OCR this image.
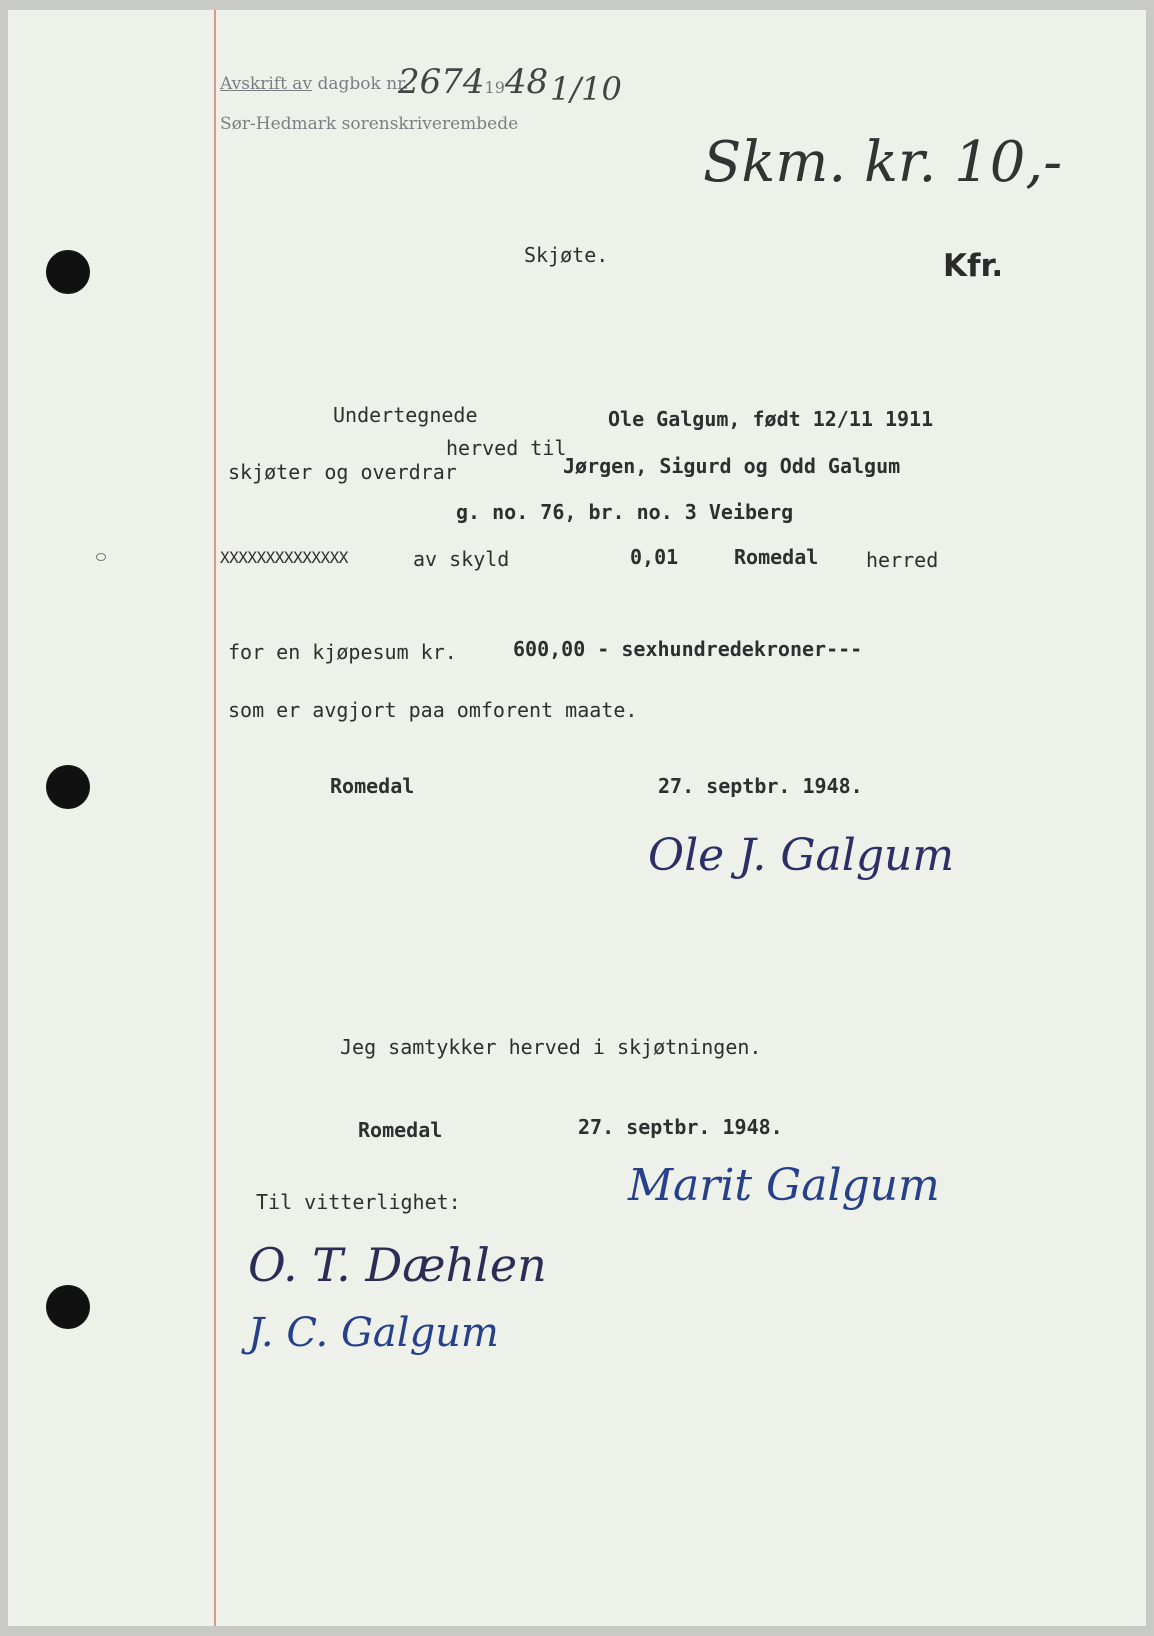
Avskrift av dagbok nr.
26741948 1/10
Sør-Hedmark sorenskriverembede
Skm. kr. 10,-
Kfr.
Skjøte.
Undertegnede	Ole Galgum, født 12/11 1911
herved til
skjøter og overdrar	Jørgen, Sigurd og Odd Galgum
g. no. 76, br. no. 3 Veiberg
XXXXXXXXXXXXXX	av skyld	0,01	Romedal herred
for en kjøpesum kr.	600,00 - sexhundredekroner---
som er avgjort paa omforent maate.
Romedal	27. septbr. 1948.
Ole J. Galgum
Jeg samtykker herved i skjøtningen.
Romedal	27. septbr. 1948.
Til vitterlighet:	Marit Galgum
O. T. Dæhlen
J. C. Galgum
